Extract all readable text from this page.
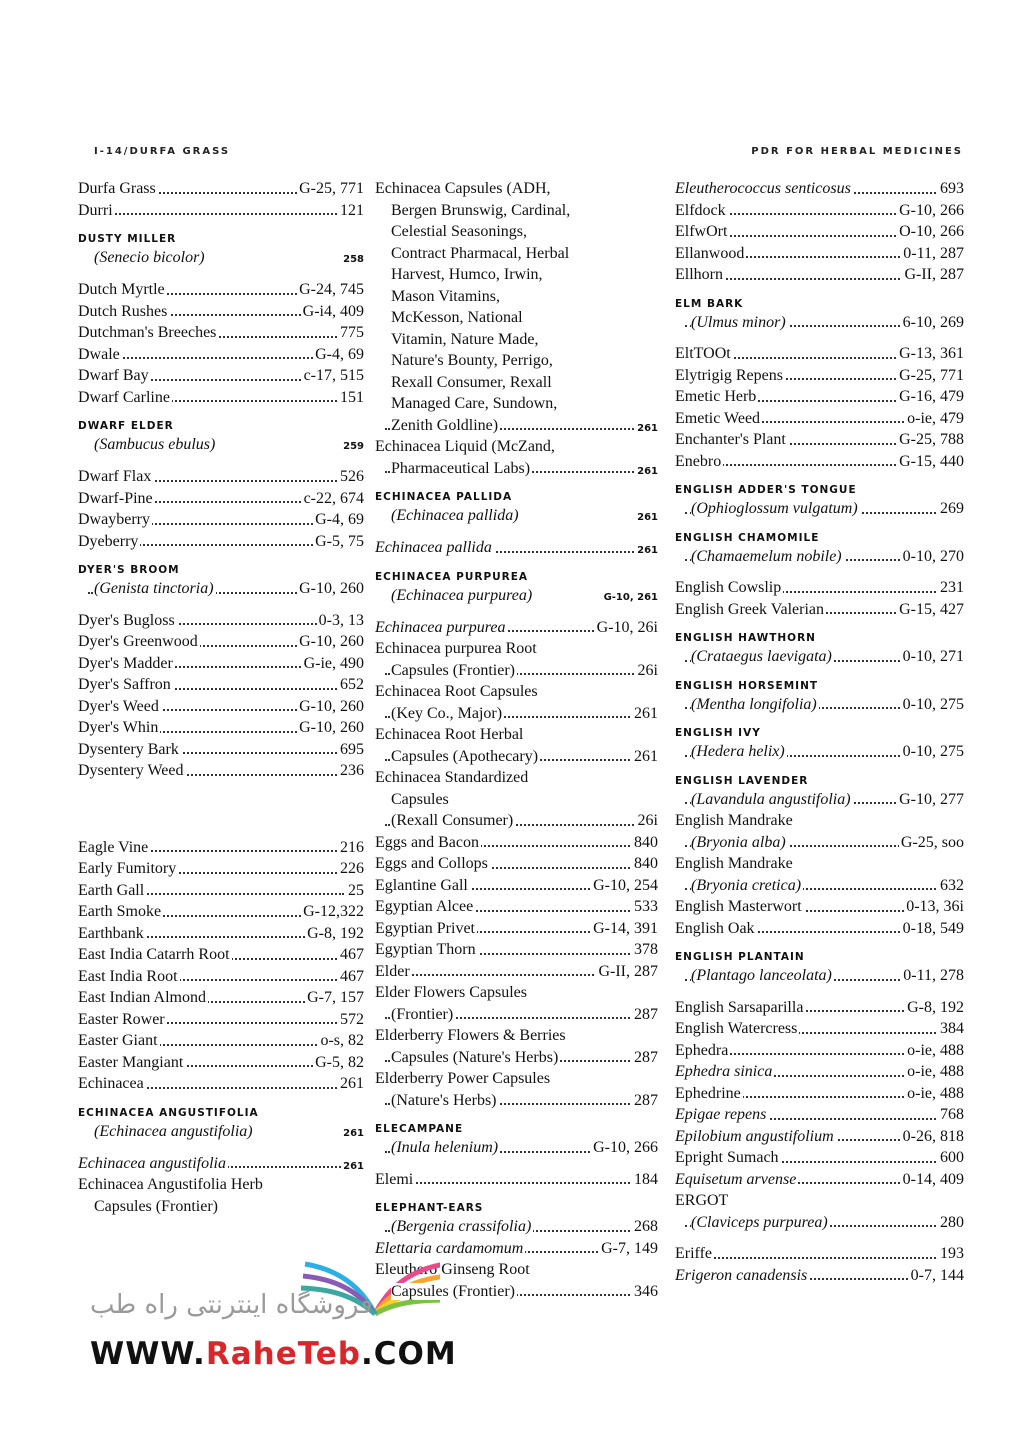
I-14/DURFA GRASS	PDR FOR HERBAL MEDICINES
Durfa Grass	G-25, 771
Durri	121
DUSTY MILLER
(Senecio bicolor)	258
Dutch Myrtle	G-24, 745
Dutch Rushes	G-i4, 409
Dutchman's Breeches	775
Dwale	G-4, 69
Dwarf Bay	c-17, 515
Dwarf Carline	151
DWARF ELDER
(Sambucus ebulus)	259
Dwarf Flax	526
Dwarf-Pine	c-22, 674
Dwayberry	G-4, 69
Dyeberry	G-5, 75
DYER'S BROOM
(Genista tinctoria)	G-10, 260
Dyer's Bugloss	0-3, 13
Dyer's Greenwood	G-10, 260
Dyer's Madder	G-ie, 490
Dyer's Saffron	652
Dyer's Weed	G-10, 260
Dyer's Whin	G-10, 260
Dysentery Bark	695
Dysentery Weed	236
Eagle Vine	216
Early Fumitory	226
Earth Gall	25
Earth Smoke	G-12,322
Earthbank	G-8, 192
East India Catarrh Root	467
East India Root	467
East Indian Almond	G-7, 157
Easter Rower	572
Easter Giant	o-s, 82
Easter Mangiant	G-5, 82
Echinacea	261
ECHINACEA ANGUSTIFOLIA
(Echinacea angustifolia)	261
Echinacea angustifolia	261
Echinacea Angustifolia Herb
Capsules (Frontier)
Echinacea Capsules (ADH,
Bergen Brunswig, Cardinal,
Celestial Seasonings,
Contract Pharmacal, Herbal
Harvest, Humco, Irwin,
Mason Vitamins,
McKesson, National
Vitamin, Nature Made,
Nature's Bounty, Perrigo,
Rexall Consumer, Rexall
Managed Care, Sundown,
Zenith Goldline)	261
Echinacea Liquid (McZand,
Pharmaceutical Labs)	261
ECHINACEA PALLIDA
(Echinacea pallida)	261
Echinacea pallida	261
ECHINACEA PURPUREA
(Echinacea purpurea)	G-10, 261
Echinacea purpurea	G-10, 26i
Echinacea purpurea Root
Capsules (Frontier)	26i
Echinacea Root Capsules
(Key Co., Major)	261
Echinacea Root Herbal
Capsules (Apothecary)	261
Echinacea Standardized
Capsules
(Rexall Consumer)	26i
Eggs and Bacon	840
Eggs and Collops	840
Eglantine Gall	G-10, 254
Egyptian Alcee	533
Egyptian Privet	G-14, 391
Egyptian Thorn	378
Elder	G-II, 287
Elder Flowers Capsules
(Frontier)	287
Elderberry Flowers & Berries
Capsules (Nature's Herbs)	287
Elderberry Power Capsules
(Nature's Herbs)	287
ELECAMPANE
(Inula helenium)	G-10, 266
Elemi	184
ELEPHANT-EARS
(Bergenia crassifolia)	268
Elettaria cardamomum	G-7, 149
Eleuthero Ginseng Root
Capsules (Frontier)	346
Eleutherococcus senticosus	693
Elfdock	G-10, 266
ElfwOrt	O-10, 266
Ellanwood	0-11, 287
Ellhorn	G-II, 287
ELM BARK
(Ulmus minor)	6-10, 269
EltTOOt	G-13, 361
Elytrigig Repens	G-25, 771
Emetic Herb	G-16, 479
Emetic Weed	o-ie, 479
Enchanter's Plant	G-25, 788
Enebro	G-15, 440
ENGLISH ADDER'S TONGUE
(Ophioglossum vulgatum)	269
ENGLISH CHAMOMILE
(Chamaemelum nobile)	0-10, 270
English Cowslip	231
English Greek Valerian	G-15, 427
ENGLISH HAWTHORN
(Crataegus laevigata)	0-10, 271
ENGLISH HORSEMINT
(Mentha longifolia)	0-10, 275
ENGLISH IVY
(Hedera helix)	0-10, 275
ENGLISH LAVENDER
(Lavandula angustifolia)	G-10, 277
English Mandrake
(Bryonia alba)	G-25, soo
English Mandrake
(Bryonia cretica)	632
English Masterwort	0-13, 36i
English Oak	0-18, 549
ENGLISH PLANTAIN
(Plantago lanceolata)	0-11, 278
English Sarsaparilla	G-8, 192
English Watercress	384
Ephedra	o-ie, 488
Ephedra sinica	o-ie, 488
Ephedrine	o-ie, 488
Epigae repens	768
Epilobium angustifolium	0-26, 818
Epright Sumach	600
Equisetum arvense	0-14, 409
ERGOT
(Claviceps purpurea)	280
Eriffe	193
Erigeron canadensis	0-7, 144
فروشگاه اینترنتی راه طب
WWW.RaheTeb.COM
